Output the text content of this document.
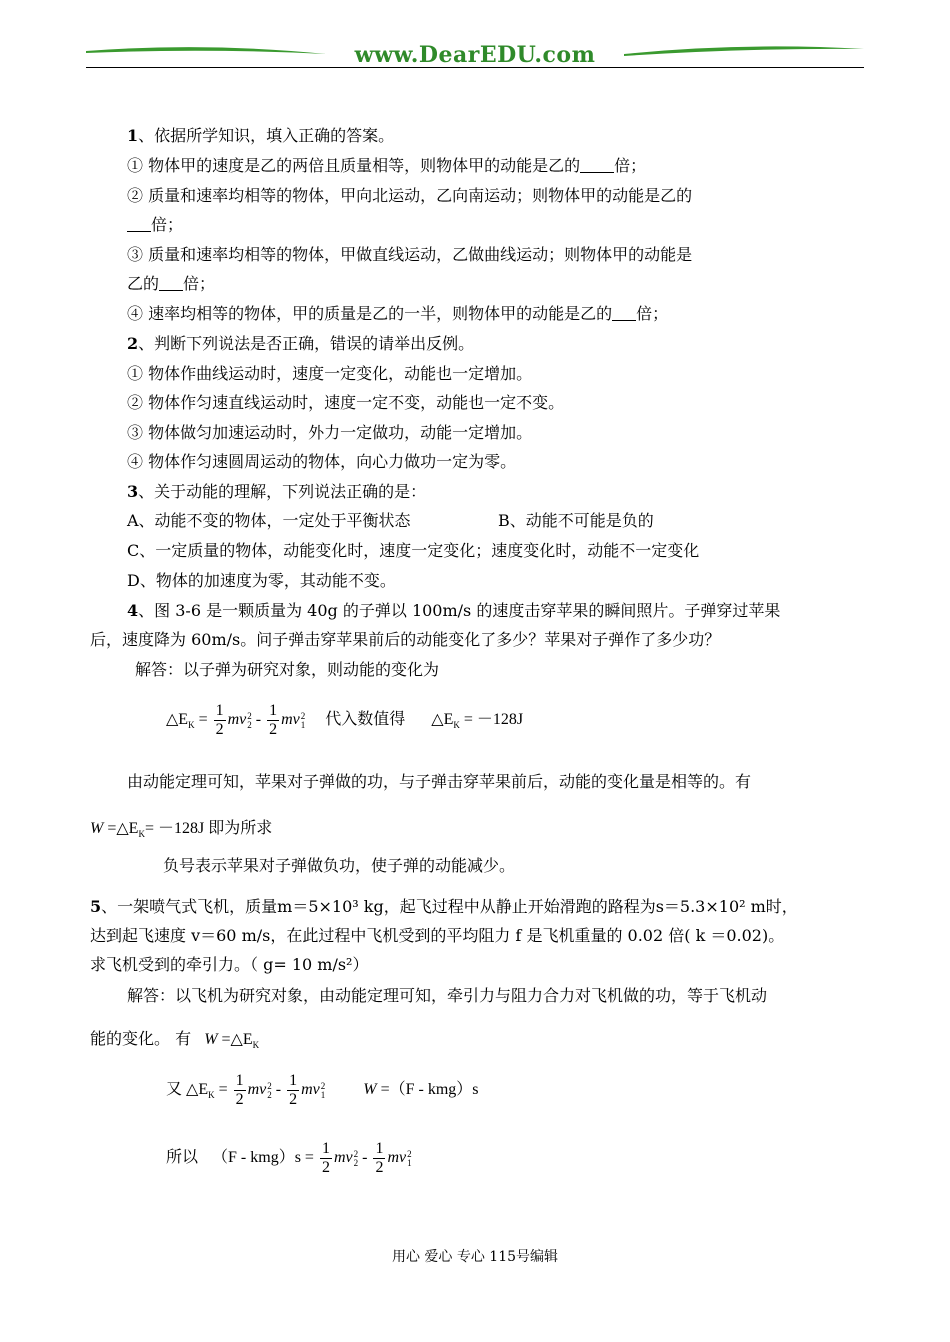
www.DearEDU.com
1、依据所学知识，填入正确的答案。
① 物体甲的速度是乙的两倍且质量相等，则物体甲的动能是乙的 倍；
② 质量和速率均相等的物体，甲向北运动，乙向南运动；则物体甲的动能是乙的
倍；
③ 质量和速率均相等的物体，甲做直线运动，乙做曲线运动；则物体甲的动能是
乙的 倍；
④ 速率均相等的物体，甲的质量是乙的一半，则物体甲的动能是乙的 倍；
2、判断下列说法是否正确，错误的请举出反例。
① 物体作曲线运动时，速度一定变化，动能也一定增加。
② 物体作匀速直线运动时，速度一定不变，动能也一定不变。
③ 物体做匀加速运动时，外力一定做功，动能一定增加。
④ 物体作匀速圆周运动的物体，向心力做功一定为零。
3、关于动能的理解，下列说法正确的是：
A、动能不变的物体，一定处于平衡状态	B、动能不可能是负的
C、一定质量的物体，动能变化时，速度一定变化；速度变化时，动能不一定变化
D、物体的加速度为零，其动能不变。
4、图 3-6 是一颗质量为 40g 的子弹以 100m/s 的速度击穿苹果的瞬间照片。子弹穿过苹果
后，速度降为 60m/s。问子弹击穿苹果前后的动能变化了多少？苹果对子弹作了多少功？
解答：以子弹为研究对象，则动能的变化为
$\triangle E_K = \frac{1}{2}$ mv 2
$2 - \frac{1}{2}$ mv 2
1 代入数值得 $\triangle E_K = -128J$
由动能定理可知，苹果对子弹做的功，与子弹击穿苹果前后，动能的变化量是相等的。有
$W =\triangle E_K= -128J$ 即为所求
负号表示苹果对子弹做负功，使子弹的动能减少。
5、一架喷气式飞机，质量m＝5×10³ kg，起飞过程中从静止开始滑跑的路程为s＝5.3×10² m时，
达到起飞速度 v＝60 m/s，在此过程中飞机受到的平均阻力 f 是飞机重量的 0.02 倍( k ＝0.02)。
求飞机受到的牵引力。（ g= 10 m/s²）
解答：以飞机为研究对象，由动能定理可知，牵引力与阻力合力对飞机做的功，等于飞机动
能的变化。 有 $W =\triangle E_K$
又 $\triangle E_K = \frac{1}{2}$ mv 2
$2 - \frac{1}{2}$ mv 2
1 W =（F - kmg）s
所以 $(F - kmg)s = \frac{1}{2}$ mv 2
$2 - \frac{1}{2}$ mv 2
1
用心 爱心 专心 115号编辑
